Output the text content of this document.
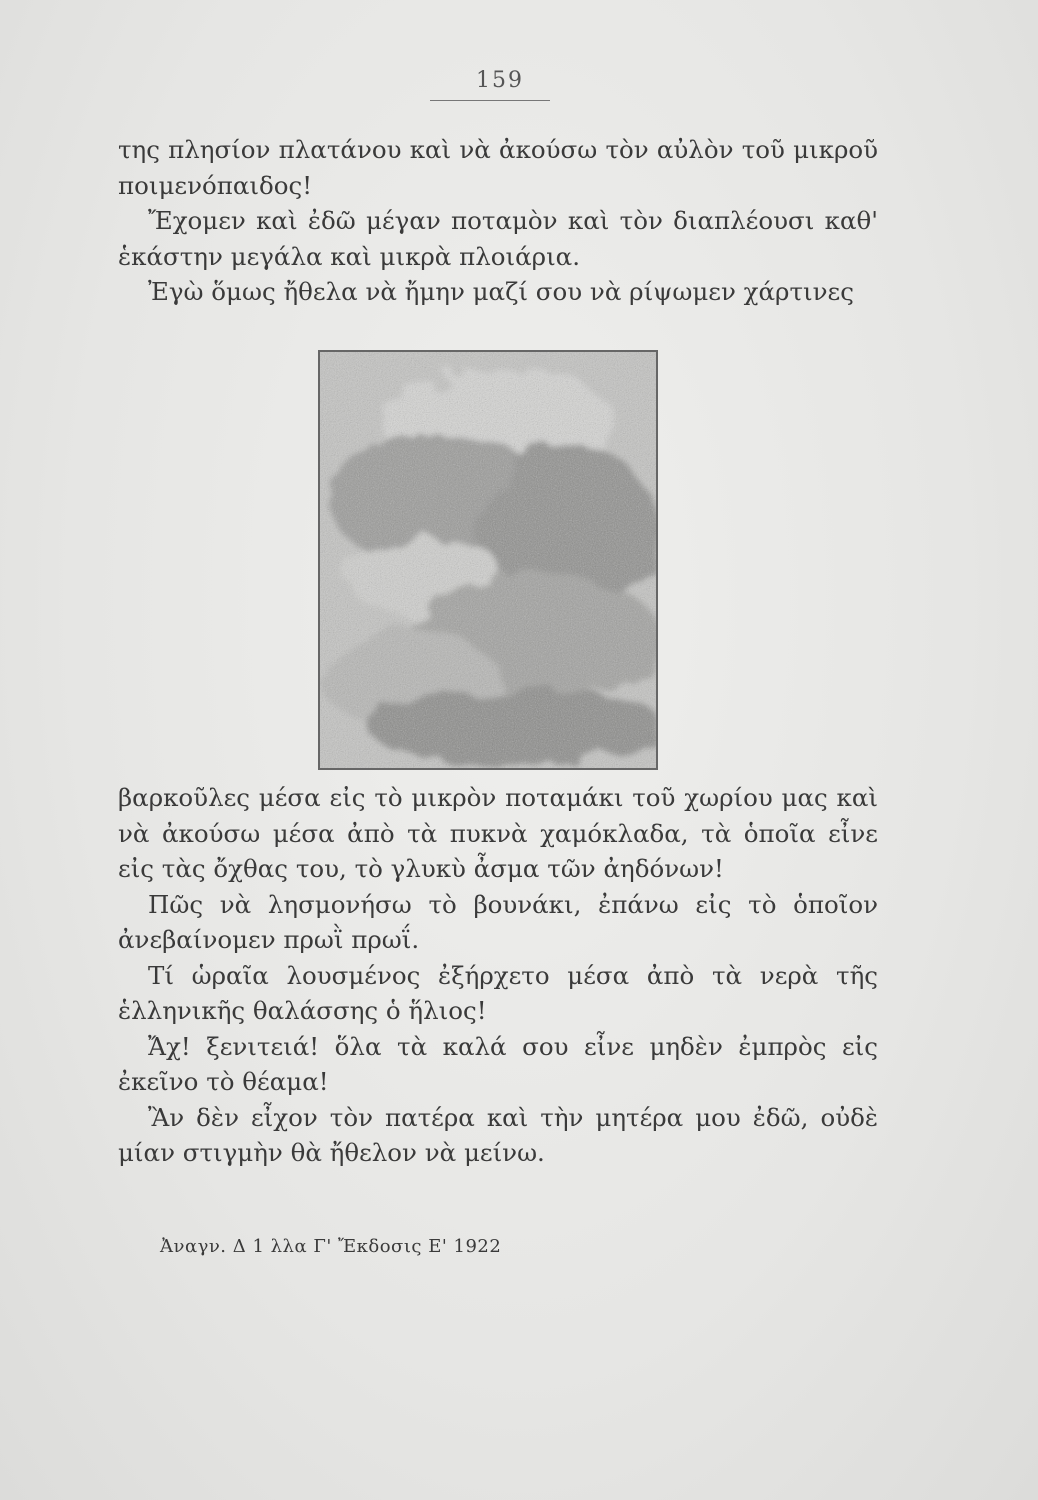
159

της πλησίον πλατάνου καὶ νὰ ἀκούσω τὸν αὐλὸν τοῦ μικροῦ ποιμενόπαιδος!

Ἔχομεν καὶ ἐδῶ μέγαν ποταμὸν καὶ τὸν διαπλέουσι καθ' ἑκάστην μεγάλα καὶ μικρὰ πλοιάρια.

Ἐγὼ ὅμως ἤθελα νὰ ἤμην μαζί σου νὰ ρίψωμεν χάρτινες

βαρκοῦλες μέσα εἰς τὸ μικρὸν ποταμάκι τοῦ χωρίου μας καὶ νὰ ἀκούσω μέσα ἀπὸ τὰ πυκνὰ χαμόκλαδα, τὰ ὁποῖα εἶνε εἰς τὰς ὄχθας του, τὸ γλυκὺ ἆσμα τῶν ἀηδόνων!

Πῶς νὰ λησμονήσω τὸ βουνάκι, ἐπάνω εἰς τὸ ὁποῖον ἀνεβαίνομεν πρωῒ πρωΐ.

Τί ὡραῖα λουσμένος ἐξήρχετο μέσα ἀπὸ τὰ νερὰ τῆς ἑλληνικῆς θαλάσσης ὁ ἥλιος!

Ἄχ! ξενιτειά! ὅλα τὰ καλά σου εἶνε μηδὲν ἐμπρὸς εἰς ἐκεῖνο τὸ θέαμα!

Ἂν δὲν εἶχον τὸν πατέρα καὶ τὴν μητέρα μου ἐδῶ, οὐδὲ μίαν στιγμὴν θὰ ἤθελον νὰ μείνω.

Ἀναγν. Δ 1 λλα Γ' Ἔκδοσις Ε' 1922
